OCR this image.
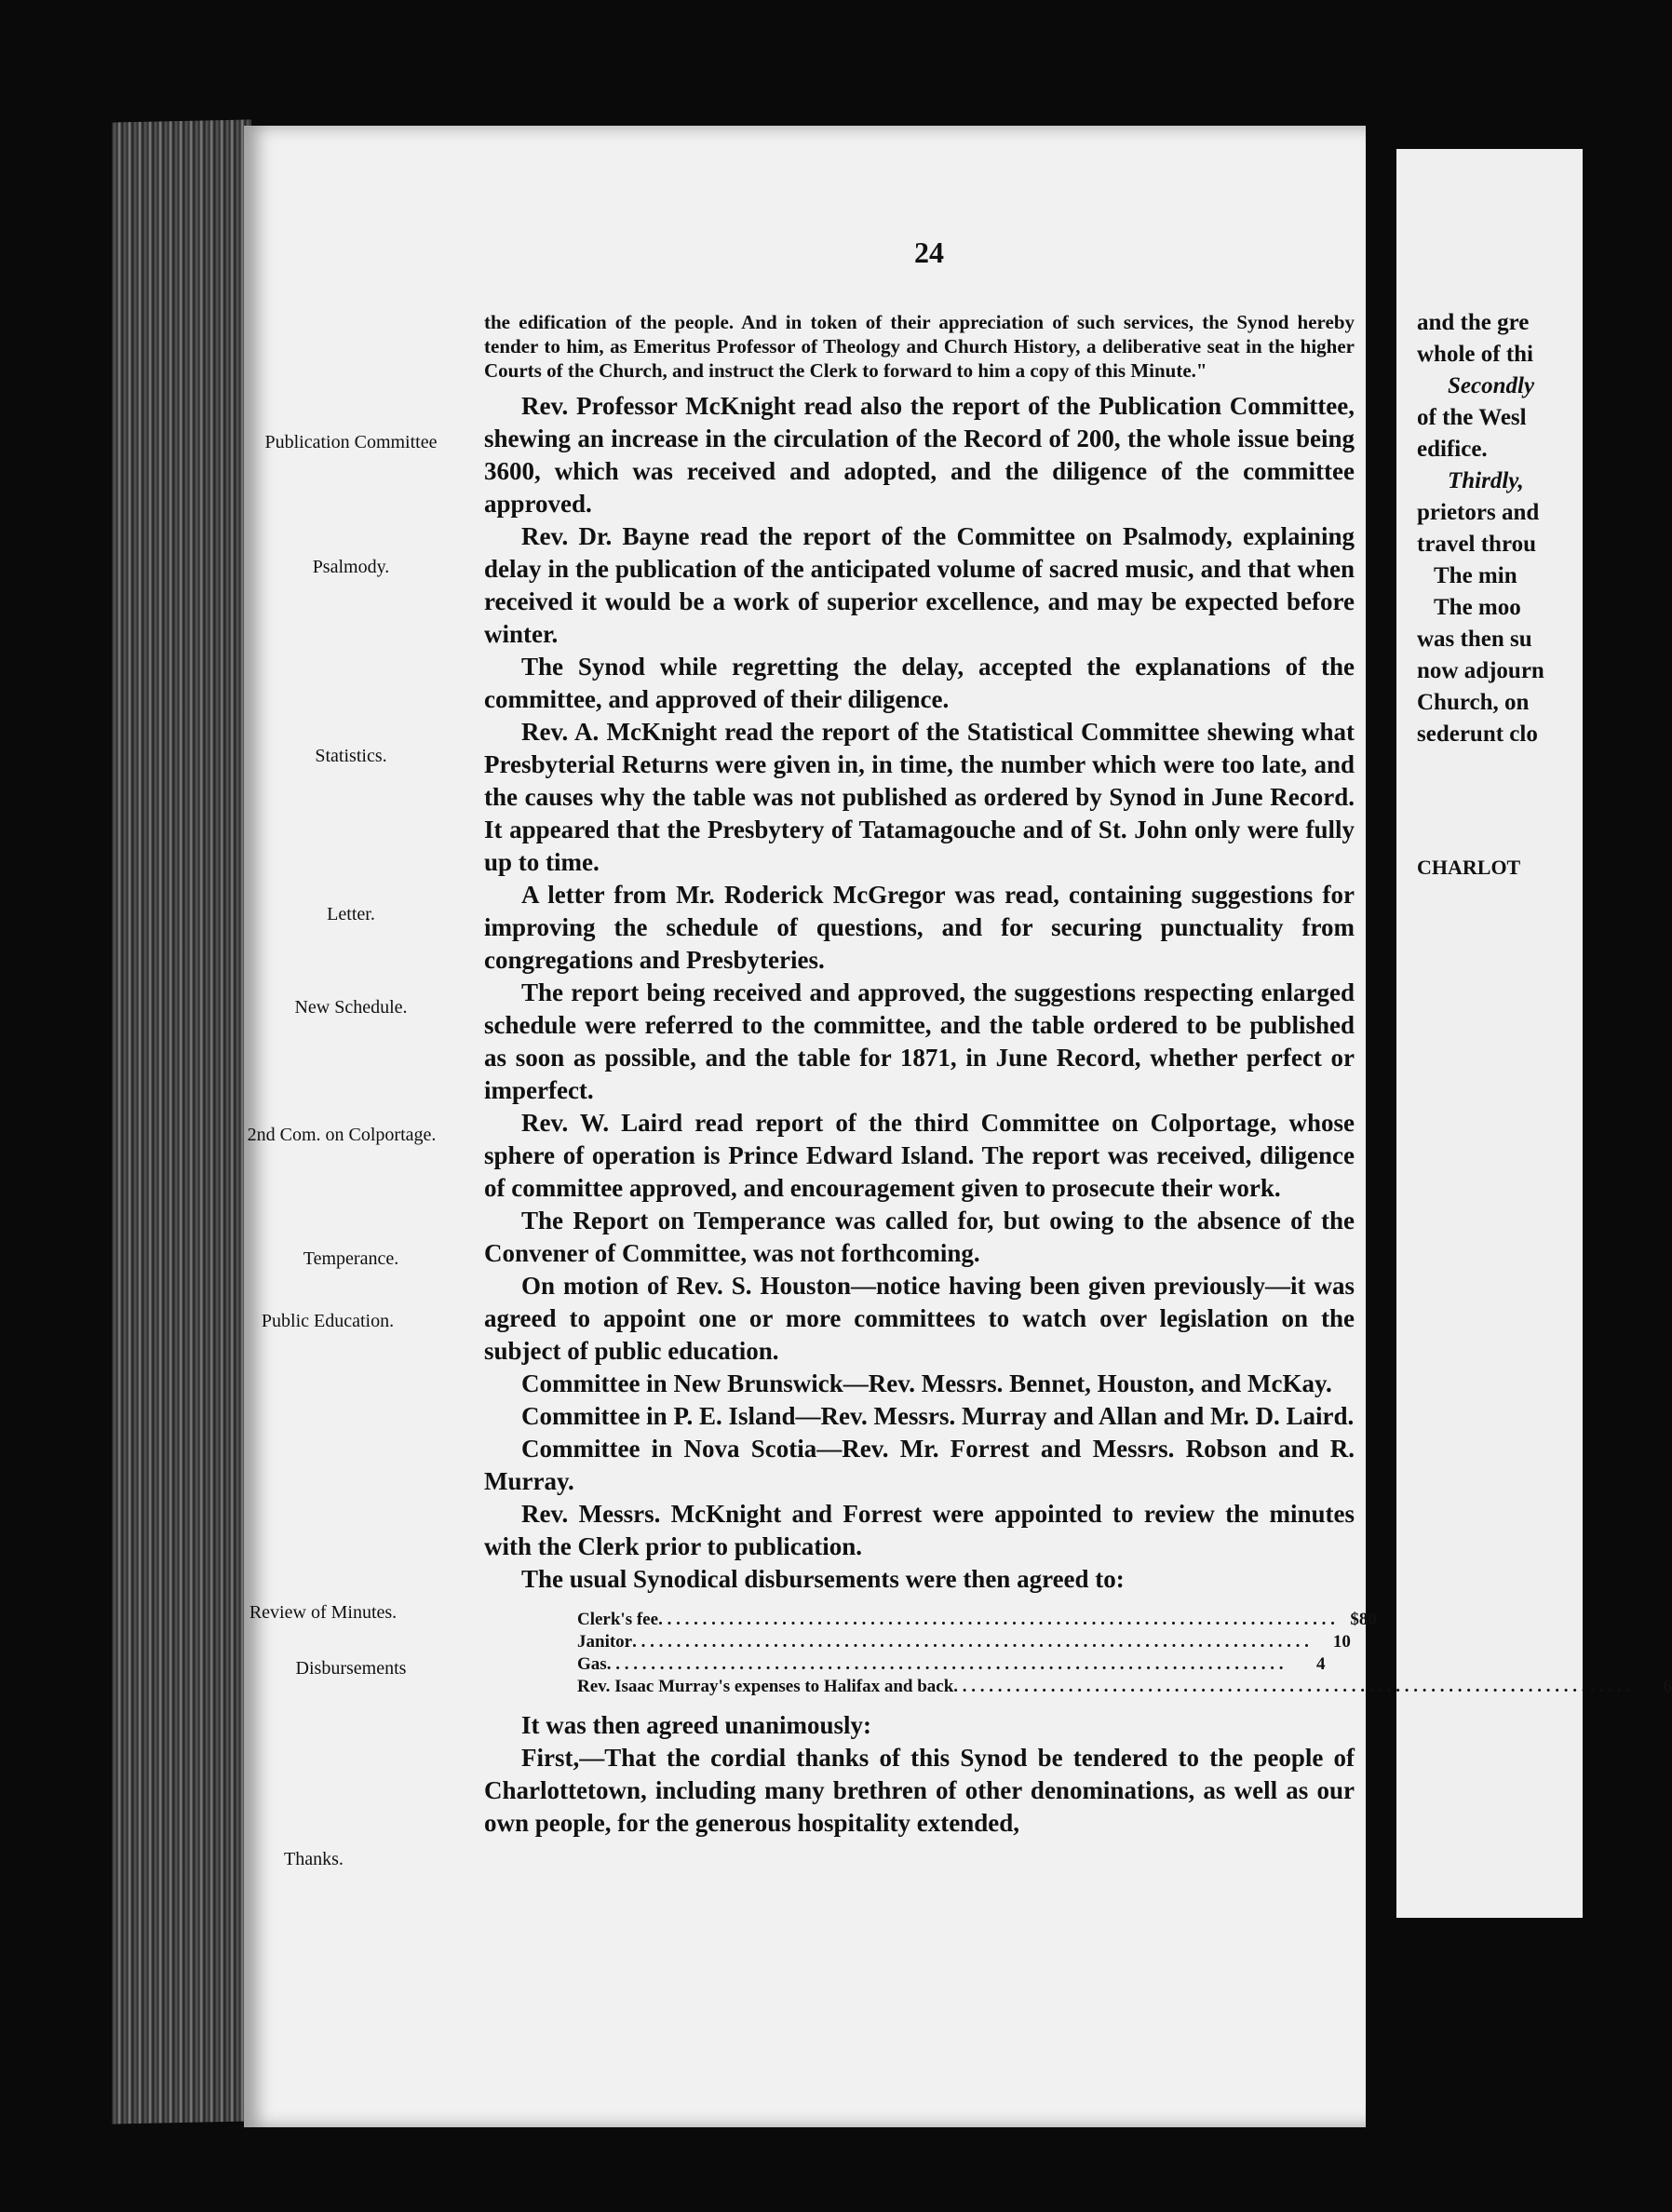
and the gre

whole of thi

Secondly

of the Wesl

edifice.

Thirdly,

prietors and

travel throu

The min

The moo

was then su

now adjourn

Church, on

sederunt clo

CHARLOT

24
Publication Committee
Psalmody.
Statistics.
Letter.
New Schedule.
2nd Com. on Colportage.
Temperance.
Public Education.
Review of Minutes.
Disbursements
Thanks.

the edification of the people. And in token of their appreciation of such services, the Synod hereby tender to him, as Emeritus Professor of Theology and Church History, a deliberative seat in the higher Courts of the Church, and instruct the Clerk to forward to him a copy of this Minute."

Rev. Professor McKnight read also the report of the Publication Committee, shewing an increase in the circulation of the Record of 200, the whole issue being 3600, which was received and adopted, and the diligence of the committee approved.

Rev. Dr. Bayne read the report of the Committee on Psalmody, explaining delay in the publication of the anticipated volume of sacred music, and that when received it would be a work of superior excellence, and may be expected before winter.

The Synod while regretting the delay, accepted the explanations of the committee, and approved of their diligence.

Rev. A. McKnight read the report of the Statistical Committee shewing what Presbyterial Returns were given in, in time, the number which were too late, and the causes why the table was not published as ordered by Synod in June Record. It appeared that the Presbytery of Tatamagouche and of St. John only were fully up to time.

A letter from Mr. Roderick McGregor was read, containing suggestions for improving the schedule of questions, and for securing punctuality from congregations and Presbyteries.

The report being received and approved, the suggestions respecting enlarged schedule were referred to the committee, and the table ordered to be published as soon as possible, and the table for 1871, in June Record, whether perfect or imperfect.

Rev. W. Laird read report of the third Committee on Colportage, whose sphere of operation is Prince Edward Island. The report was received, diligence of committee approved, and encouragement given to prosecute their work.

The Report on Temperance was called for, but owing to the absence of the Convener of Committee, was not forthcoming.

On motion of Rev. S. Houston—notice having been given previously—it was agreed to appoint one or more committees to watch over legislation on the subject of public education.

Committee in New Brunswick—Rev. Messrs. Bennet, Houston, and McKay.

Committee in P. E. Island—Rev. Messrs. Murray and Allan and Mr. D. Laird.

Committee in Nova Scotia—Rev. Mr. Forrest and Messrs. Robson and R. Murray.

Rev. Messrs. McKnight and Forrest were appointed to review the minutes with the Clerk prior to publication.

The usual Synodical disbursements were then agreed to:

Clerk's fee . . . . . . . . . . . . . . . . . . . . . . . . . . . . . . . . . . . . . . . . . . . . . . . . . . . . . . . . . . . . . . . . . . . . . . . . . . . . . $80
Janitor . . . . . . . . . . . . . . . . . . . . . . . . . . . . . . . . . . . . . . . . . . . . . . . . . . . . . . . . . . . . . . . . . . . . . . . . . . . . .	10
Gas . . . . . . . . . . . . . . . . . . . . . . . . . . . . . . . . . . . . . . . . . . . . . . . . . . . . . . . . . . . . . . . . . . . . . . . . . . . . .	4
Rev. Isaac Murray's expenses to Halifax and back . . . . . . . . . . . . . . . . . . . . . . . . . . . . . . . . . . . . . . . . . . . . . . . . . . . . . . . . . . . . . . . . . . . . . . . . . . . . .	6

It was then agreed unanimously:

First,—That the cordial thanks of this Synod be tendered to the people of Charlottetown, including many brethren of other denominations, as well as our own people, for the generous hospitality extended,
